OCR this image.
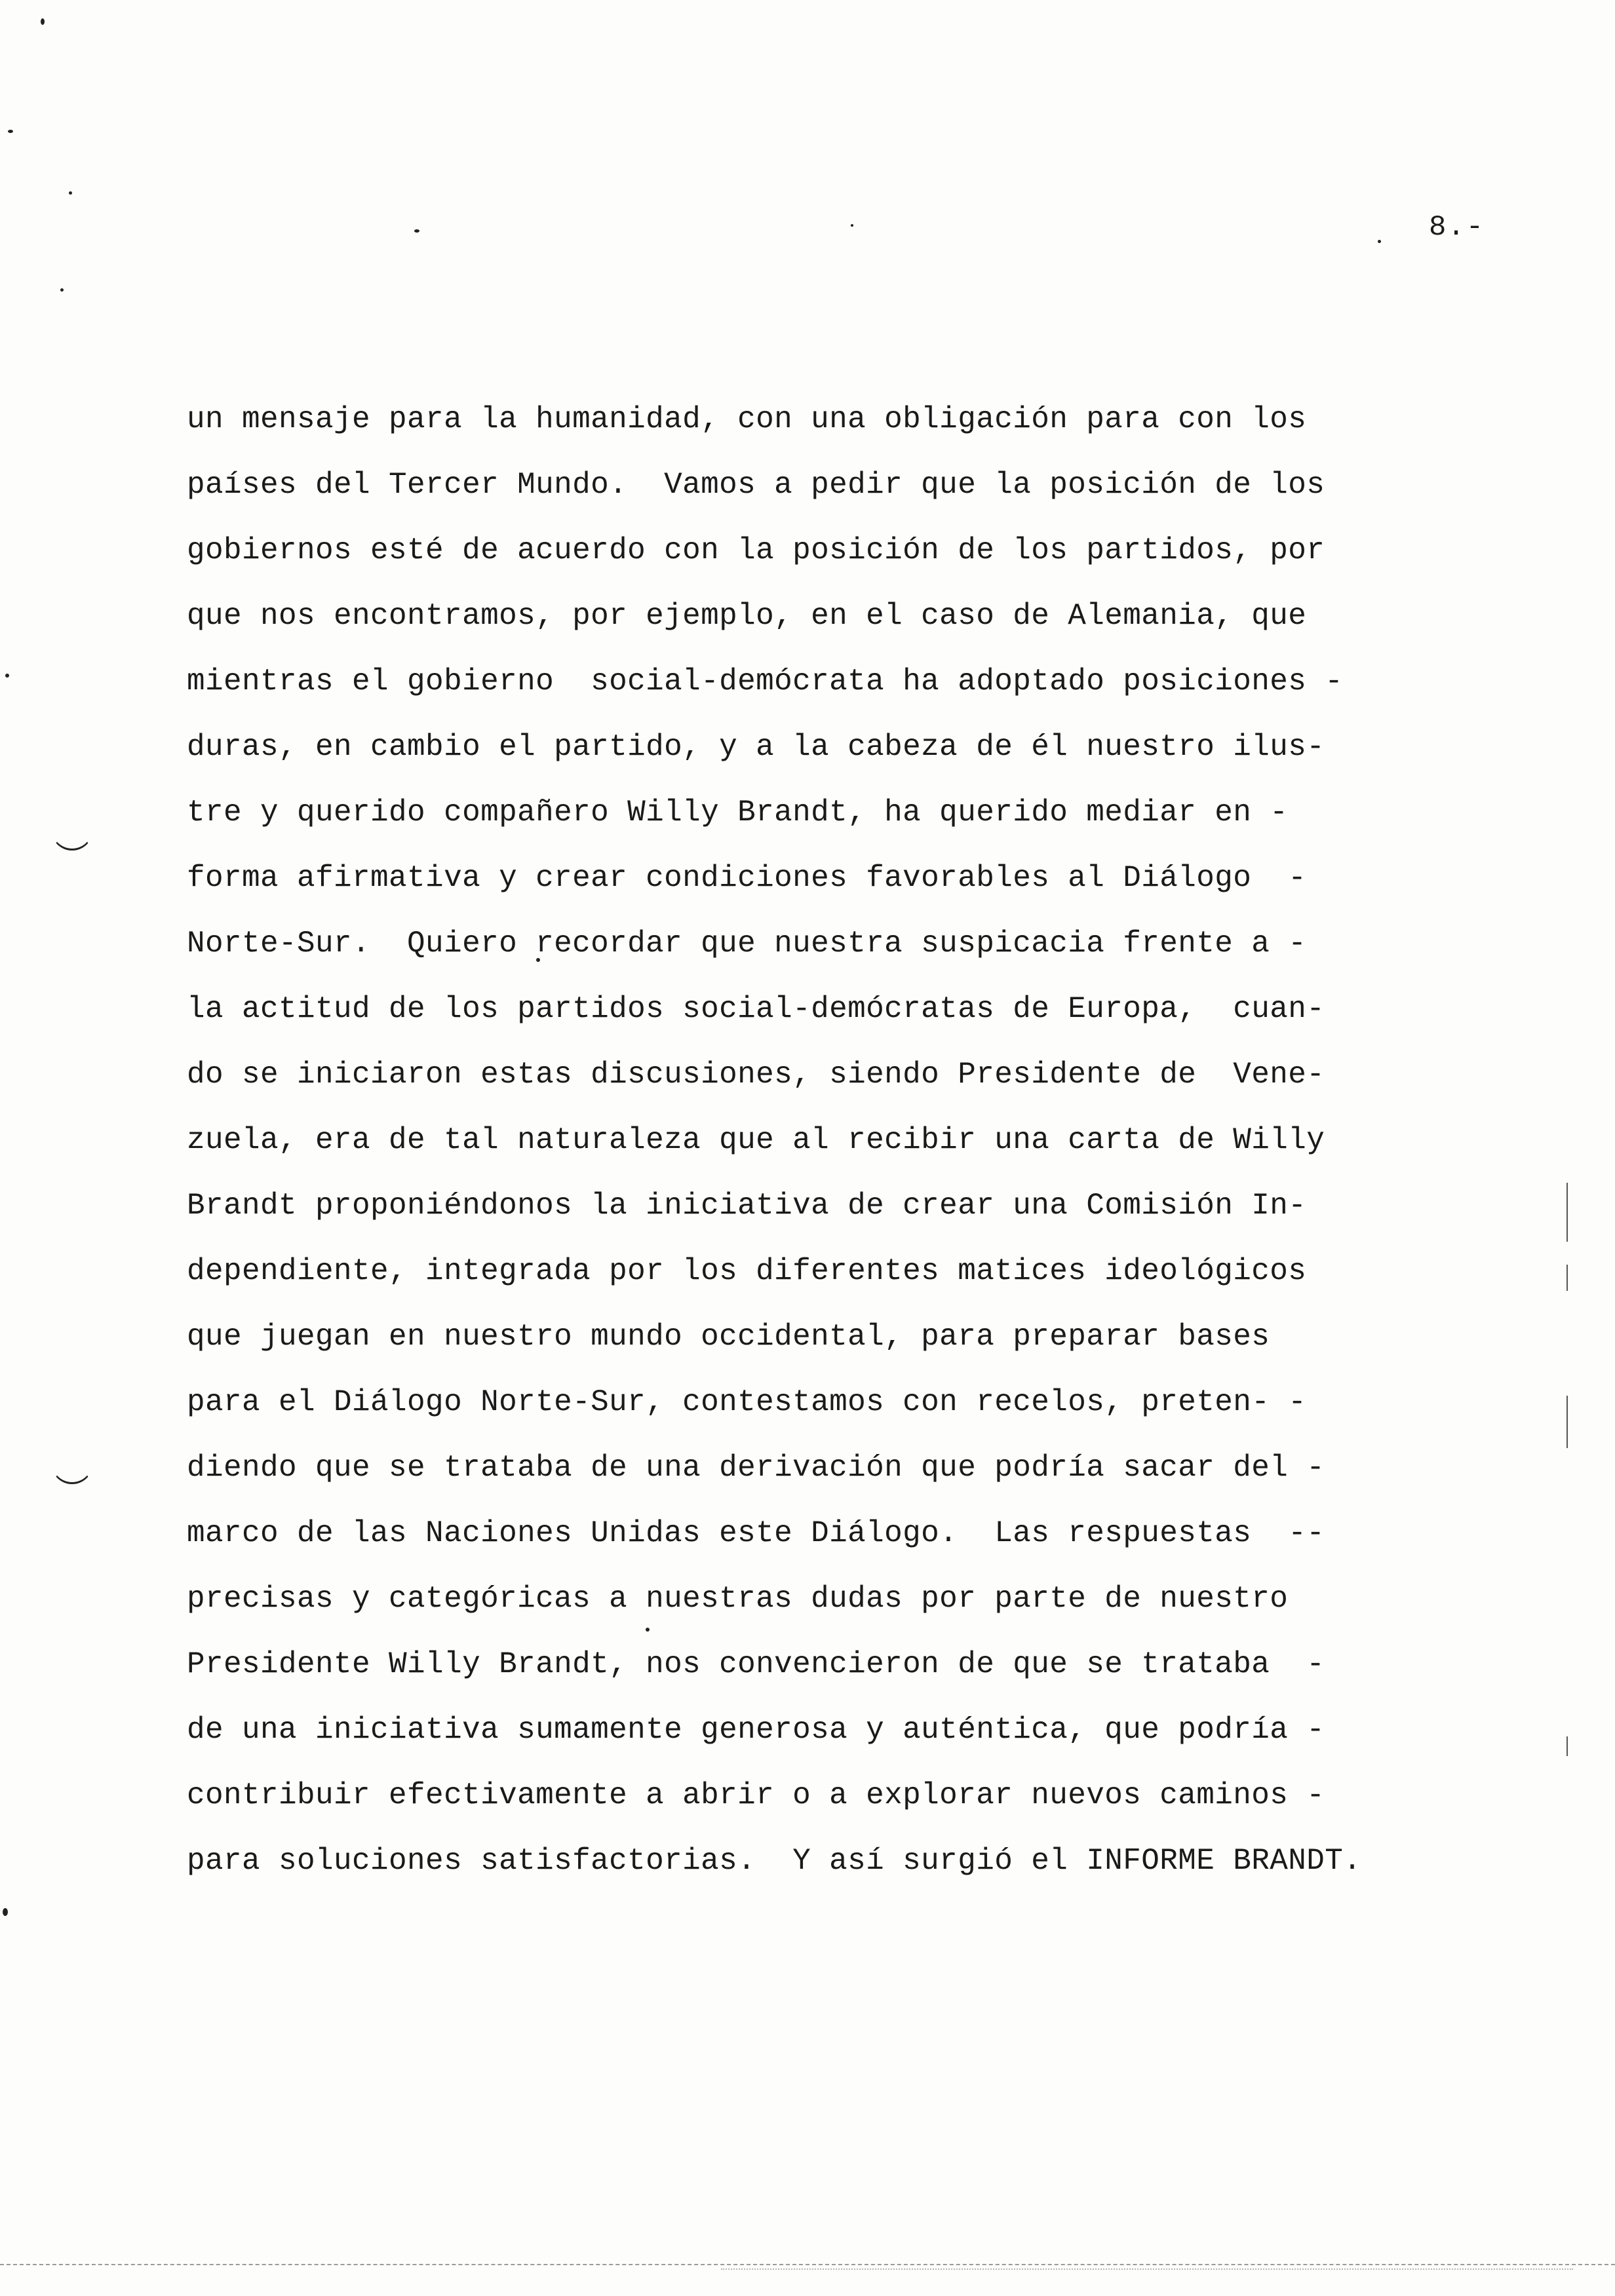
8.-
un mensaje para la humanidad, con una obligación para con los
países del Tercer Mundo.  Vamos a pedir que la posición de los
gobiernos esté de acuerdo con la posición de los partidos, por
que nos encontramos, por ejemplo, en el caso de Alemania, que
mientras el gobierno  social-demócrata ha adoptado posiciones -
duras, en cambio el partido, y a la cabeza de él nuestro ilus-
tre y querido compañero Willy Brandt, ha querido mediar en -
forma afirmativa y crear condiciones favorables al Diálogo  -
Norte-Sur.  Quiero recordar que nuestra suspicacia frente a -
la actitud de los partidos social-demócratas de Europa,  cuan-
do se iniciaron estas discusiones, siendo Presidente de  Vene-
zuela, era de tal naturaleza que al recibir una carta de Willy
Brandt proponiéndonos la iniciativa de crear una Comisión In-
dependiente, integrada por los diferentes matices ideológicos
que juegan en nuestro mundo occidental, para preparar bases
para el Diálogo Norte-Sur, contestamos con recelos, preten- -
diendo que se trataba de una derivación que podría sacar del -
marco de las Naciones Unidas este Diálogo.  Las respuestas  --
precisas y categóricas a nuestras dudas por parte de nuestro
Presidente Willy Brandt, nos convencieron de que se trataba  -
de una iniciativa sumamente generosa y auténtica, que podría -
contribuir efectivamente a abrir o a explorar nuevos caminos -
para soluciones satisfactorias.  Y así surgió el INFORME BRANDT.
